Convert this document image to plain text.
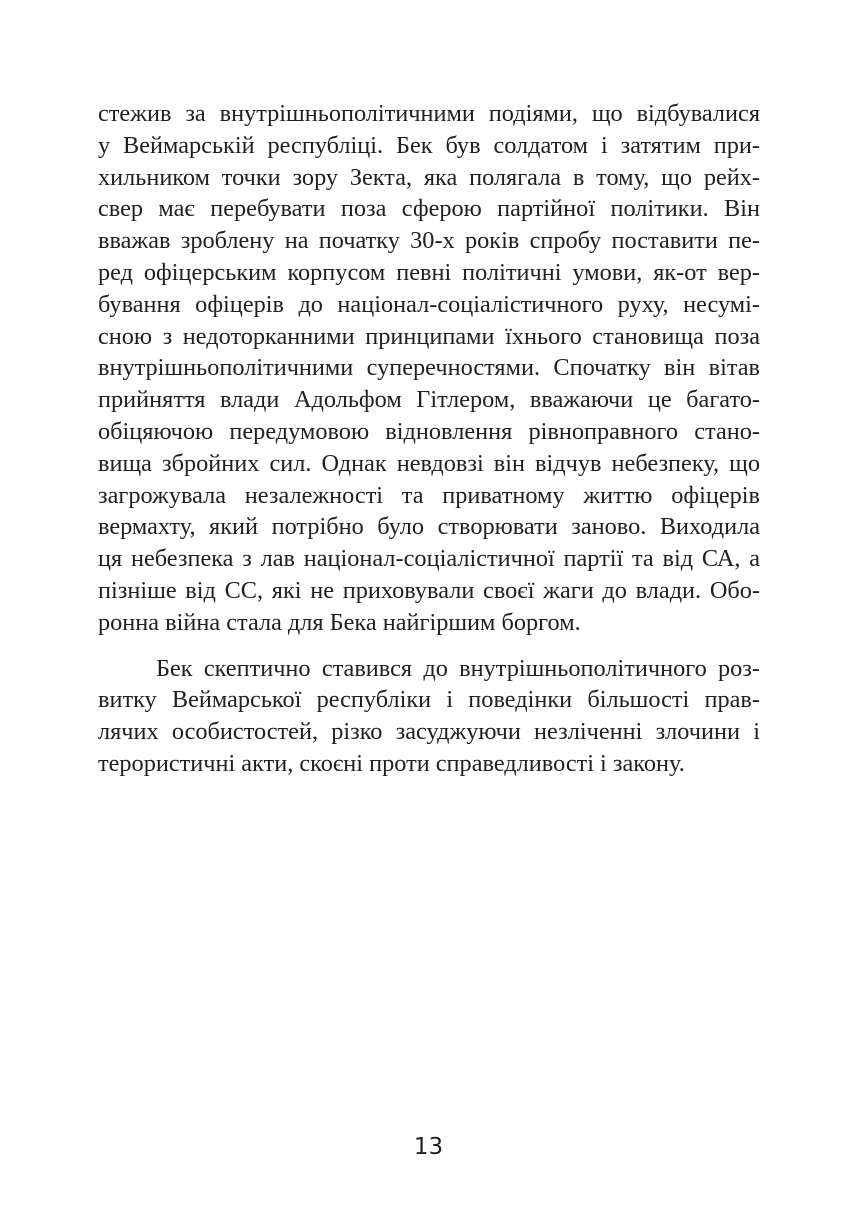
стежив за внутрішньополітичними подіями, що відбувалися
у Веймарській республіці. Бек був солдатом і затятим при-
хильником точки зору Зекта, яка полягала в тому, що рейх-
свер має перебувати поза сферою партійної політики. Він
вважав зроблену на початку 30-х років спробу поставити пе-
ред офіцерським корпусом певні політичні умови, як-от вер-
бування офіцерів до націонал-соціалістичного руху, несумі-
сною з недоторканними принципами їхнього становища поза
внутрішньополітичними суперечностями. Спочатку він вітав
прийняття влади Адольфом Гітлером, вважаючи це багато-
обіцяючою передумовою відновлення рівноправного стано-
вища збройних сил. Однак невдовзі він відчув небезпеку, що
загрожувала незалежності та приватному життю офіцерів
вермахту, який потрібно було створювати заново. Виходила
ця небезпека з лав націонал-соціалістичної партії та від СА, а
пізніше від СС, які не приховували своєї жаги до влади. Обо-
ронна війна стала для Бека найгіршим боргом.
Бек скептично ставився до внутрішньополітичного роз-
витку Веймарської республіки і поведінки більшості прав-
лячих особистостей, різко засуджуючи незліченні злочини і
терористичні акти, скоєні проти справедливості і закону.
13
